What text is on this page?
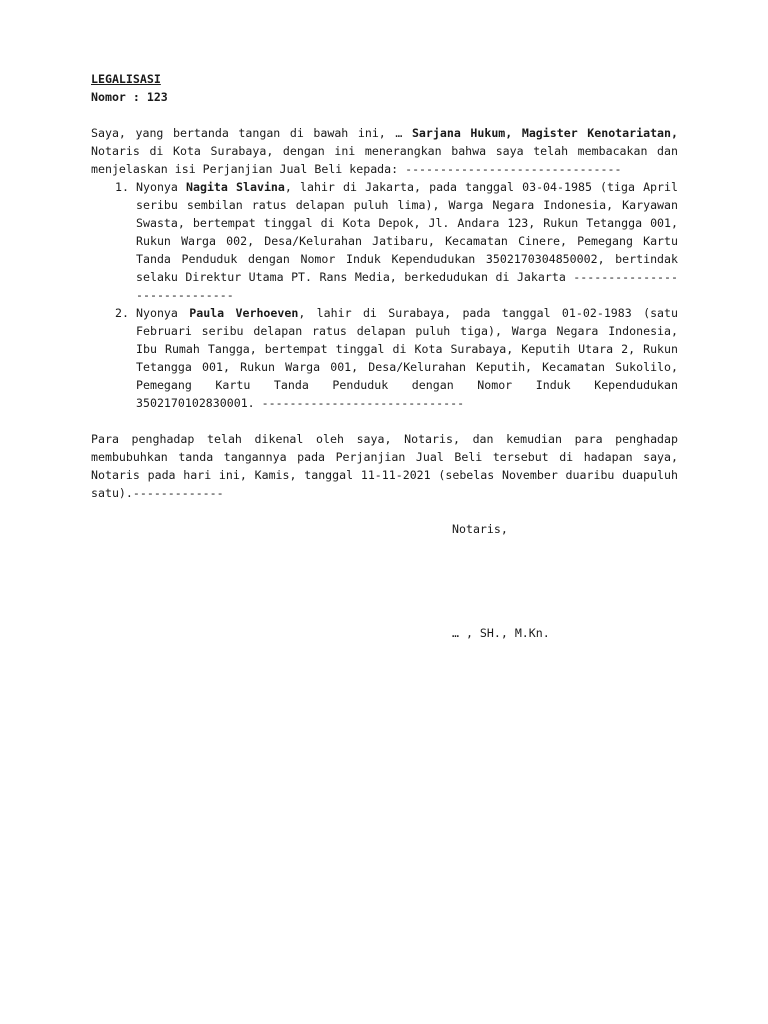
LEGALISASI
Nomor : 123
Saya, yang bertanda tangan di bawah ini, … Sarjana Hukum, Magister Kenotariatan, Notaris di Kota Surabaya, dengan ini menerangkan bahwa saya telah membacakan dan menjelaskan isi Perjanjian Jual Beli kepada: -------------------------------
1. Nyonya Nagita Slavina, lahir di Jakarta, pada tanggal 03-04-1985 (tiga April seribu sembilan ratus delapan puluh lima), Warga Negara Indonesia, Karyawan Swasta, bertempat tinggal di Kota Depok, Jl. Andara 123, Rukun Tetangga 001, Rukun Warga 002, Desa/Kelurahan Jatibaru, Kecamatan Cinere, Pemegang Kartu Tanda Penduduk dengan Nomor Induk Kependudukan 3502170304850002, bertindak selaku Direktur Utama PT. Rans Media, berkedudukan di Jakarta -----------------------------
2. Nyonya Paula Verhoeven, lahir di Surabaya, pada tanggal 01-02-1983 (satu Februari seribu delapan ratus delapan puluh tiga), Warga Negara Indonesia, Ibu Rumah Tangga, bertempat tinggal di Kota Surabaya, Keputih Utara 2, Rukun Tetangga 001, Rukun Warga 001, Desa/Kelurahan Keputih, Kecamatan Sukolilo, Pemegang Kartu Tanda Penduduk dengan Nomor Induk Kependudukan 3502170102830001. -----------------------------
Para penghadap telah dikenal oleh saya, Notaris, dan kemudian para penghadap membubuhkan tanda tangannya pada Perjanjian Jual Beli tersebut di hadapan saya, Notaris pada hari ini, Kamis, tanggal 11-11-2021 (sebelas November duaribu duapuluh satu).-------------
Notaris,
… , SH., M.Kn.
